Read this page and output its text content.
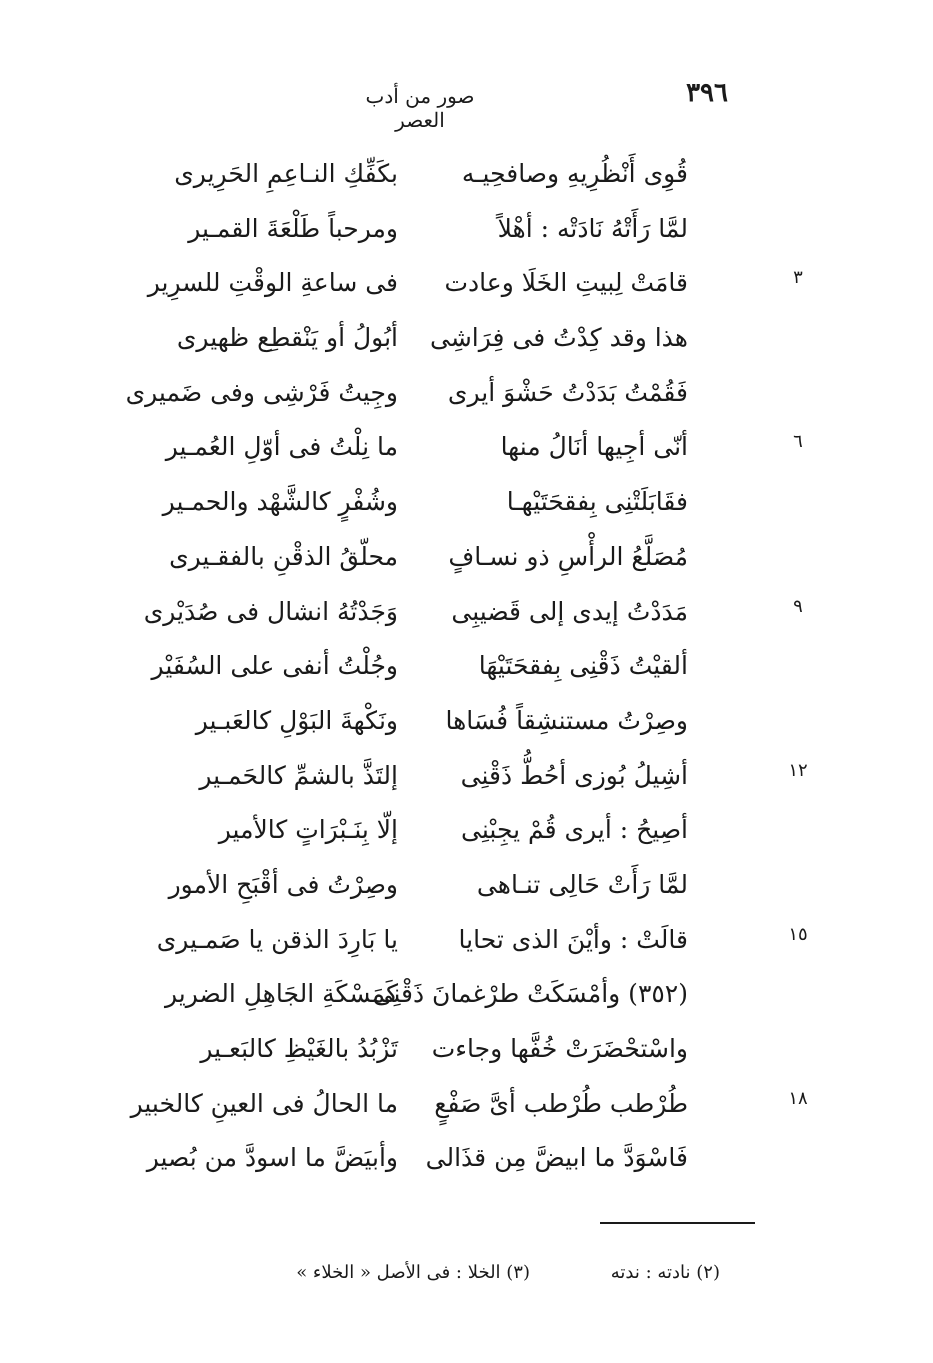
٣٩٦
صور من أدب العصر
قُوِى أَنْظُرِيهِ وصافحِيـه
بكَفِّكِ النـاعِمِ الحَرِيرى
لمَّا رَأَتْهُ نَادَتْه : أهْلاً
ومرحباً طَلْعَةَ القمـير
٣
قامَتْ لِبيتِ الخَلَا وعادت
فى ساعةِ الوقْتِ للسرِير
هذا وقد كِدْتُ فى فِرَاشِى
أبُولُ أو يَنْقطِع ظهيرى
فَقُمْتُ بَدَدْتُ حَشْوَ أيرى
وجِيتُ فَرْشِى وفى ضَميرى
٦
أنّى أجِيها أنَالُ منها
ما نِلْتُ فى أوّلِ العُمـير
فقَابَلَتْنِى بِفقحَتَيْهـا
وشُفْرٍ كالشَّهْد والحمـير
مُصَلَّعُ الرأْسِ ذو نسـافٍ
محلّقُ الذقْنِ بالفقـيرى
٩
مَدَدْتُ إيدى إلى قَضيبِى
وَجَدْتُهُ انشال فى صُدَيْرى
ألقيْتُ ذَقْنِى بِفقحَتَيْهَا
وجُلْتُ أنفى على السُفَيْر
وصِرْتُ مستنشِقاً فُسَاها
ونَكْهةَ البَوْلِ كالعَبـير
١٢
أشِيلُ بُوزى أحُطُّ ذَقْنِى
إلتَذَّ بالشمِّ كالحَمـير
أصِيحُ : أيرى قُمْ يجِبْنِى
إلّا بِنَـبْرَاتٍ كالأمير
لمَّا رَأَتْ حَالِى تنـاهى
وصِرْتُ فى أقْبَحِ الأمور
١٥
قالَتْ : وأيْنَ الذى تحايا
يا بَارِدَ الذقن يا صَمـيرى
(٣٥٢) وأمْسَكَتْ طرْغمانَ ذَقْنِى
كَمَسْكَةِ الجَاهِلِ الضرير
واسْتحْضَرَتْ خُفَّها وجاءت
تَزْبُدُ بالغَيْظِ كالبَعـير
١٨
طُرْطب طُرْطب أىَّ صَفْعٍ
ما الحالُ فى العينِ كالخبير
فَاسْوَدَّ ما ابيضَّ مِن قذَالى
وأبيَضَّ ما اسودَّ من بُصير
(٢) نادته : ندته
(٣) الخلا : فى الأصل « الخلاء »
